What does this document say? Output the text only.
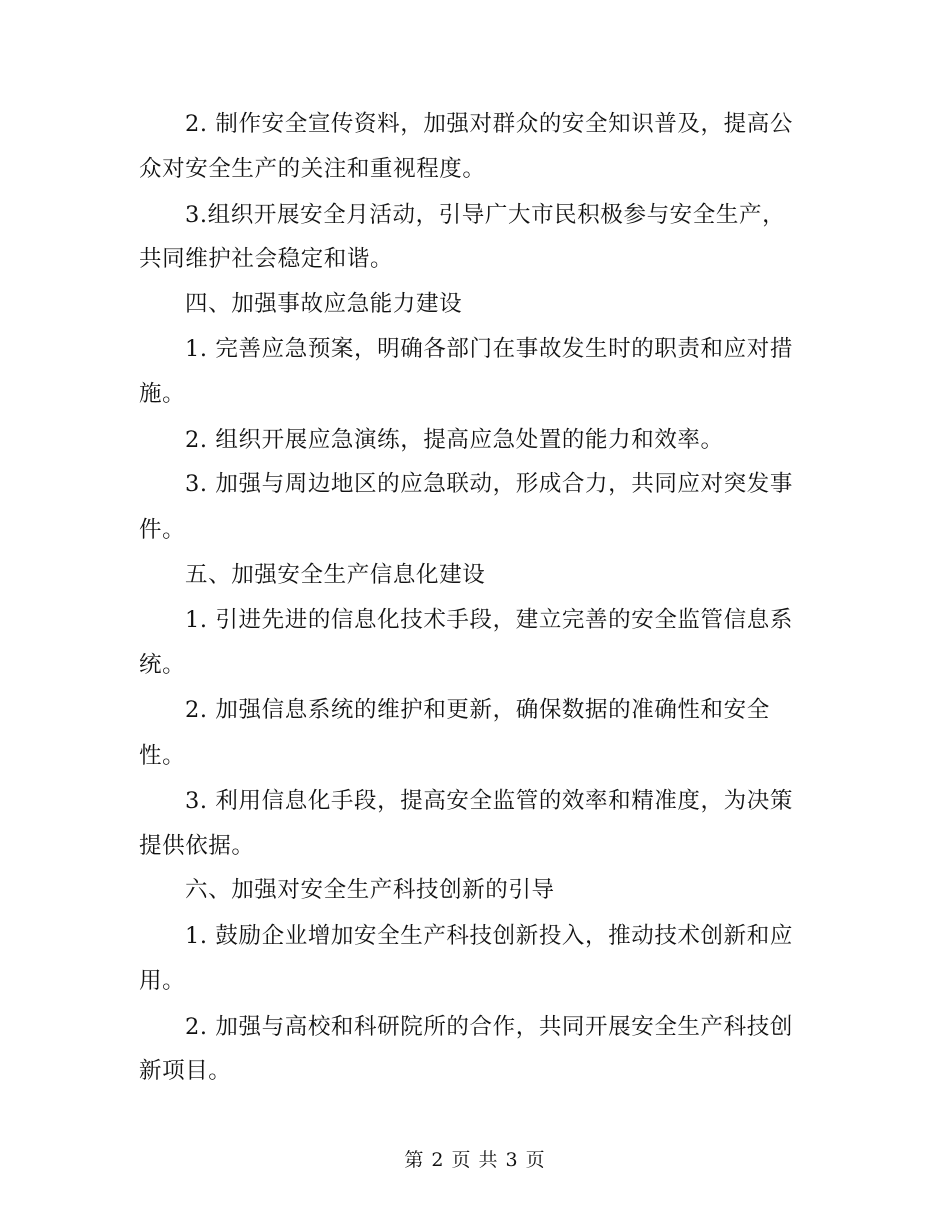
2. 制作安全宣传资料，加强对群众的安全知识普及，提高公
众对安全生产的关注和重视程度。
3.组织开展安全月活动，引导广大市民积极参与安全生产，
共同维护社会稳定和谐。
四、加强事故应急能力建设
1. 完善应急预案，明确各部门在事故发生时的职责和应对措
施。
2. 组织开展应急演练，提高应急处置的能力和效率。
3. 加强与周边地区的应急联动，形成合力，共同应对突发事
件。
五、加强安全生产信息化建设
1. 引进先进的信息化技术手段，建立完善的安全监管信息系
统。
2. 加强信息系统的维护和更新，确保数据的准确性和安全
性。
3. 利用信息化手段，提高安全监管的效率和精准度，为决策
提供依据。
六、加强对安全生产科技创新的引导
1. 鼓励企业增加安全生产科技创新投入，推动技术创新和应
用。
2. 加强与高校和科研院所的合作，共同开展安全生产科技创
新项目。
第 2 页 共 3 页
